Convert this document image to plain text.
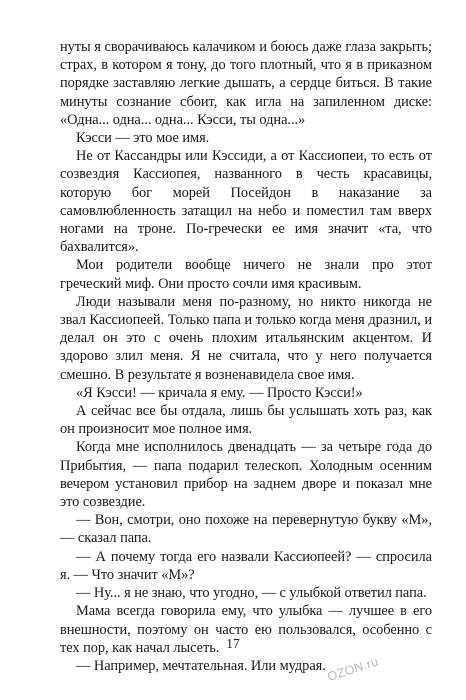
нуты я сворачиваюсь калачиком и боюсь даже глаза закрыть; страх, в котором я тону, до того плотный, что я в приказном порядке заставляю легкие дышать, а сердце биться. В такие минуты сознание сбоит, как игла на запиленном диске: «Одна... одна... одна... Кэсси, ты одна...»

Кэсси — это мое имя.

Не от Кассандры или Кэссиди, а от Кассиопеи, то есть от созвездия Кассиопея, названного в честь красавицы, которую бог морей Посейдон в наказание за самовлюбленность затащил на небо и поместил там вверх ногами на троне. По-гречески ее имя значит «та, что бахвалится».

Мои родители вообще ничего не знали про этот греческий миф. Они просто сочли имя красивым.

Люди называли меня по-разному, но никто никогда не звал Кассиопеей. Только папа и только когда меня дразнил, и делал он это с очень плохим итальянским акцентом. И здорово злил меня. Я не считала, что у него получается смешно. В результате я возненавидела свое имя.

«Я Кэсси! — кричала я ему. — Просто Кэсси!»

А сейчас все бы отдала, лишь бы услышать хоть раз, как он произносит мое полное имя.

Когда мне исполнилось двенадцать — за четыре года до Прибытия, — папа подарил телескоп. Холодным осенним вечером установил прибор на заднем дворе и показал мне это созвездие.

— Вон, смотри, оно похоже на перевернутую букву «М», — сказал папа.

— А почему тогда его назвали Кассиопеей? — спросила я. — Что значит «М»?

— Ну... я не знаю, что угодно, — с улыбкой ответил папа.

Мама всегда говорила ему, что улыбка — лучшее в его внешности, поэтому он часто ею пользовался, особенно с тех пор, как начал лысеть.

— Например, мечтательная. Или мудрая.

17
OZON.ru
